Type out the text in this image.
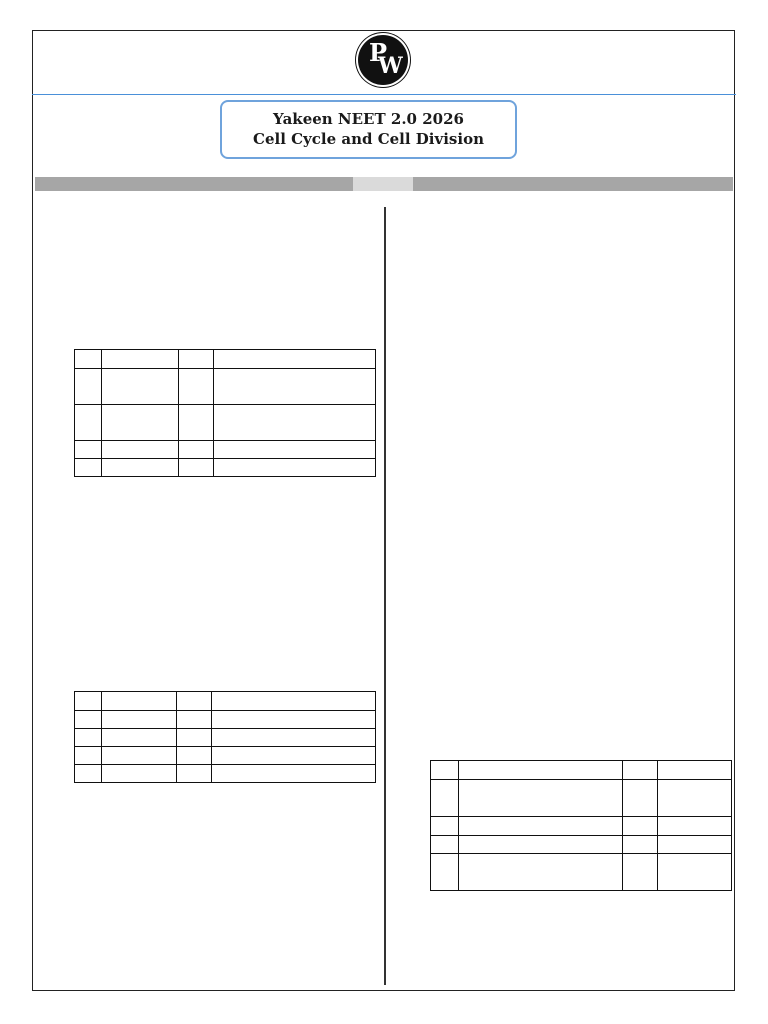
P
W
Yakeen NEET 2.0 2026
Cell Cycle and Cell Division
